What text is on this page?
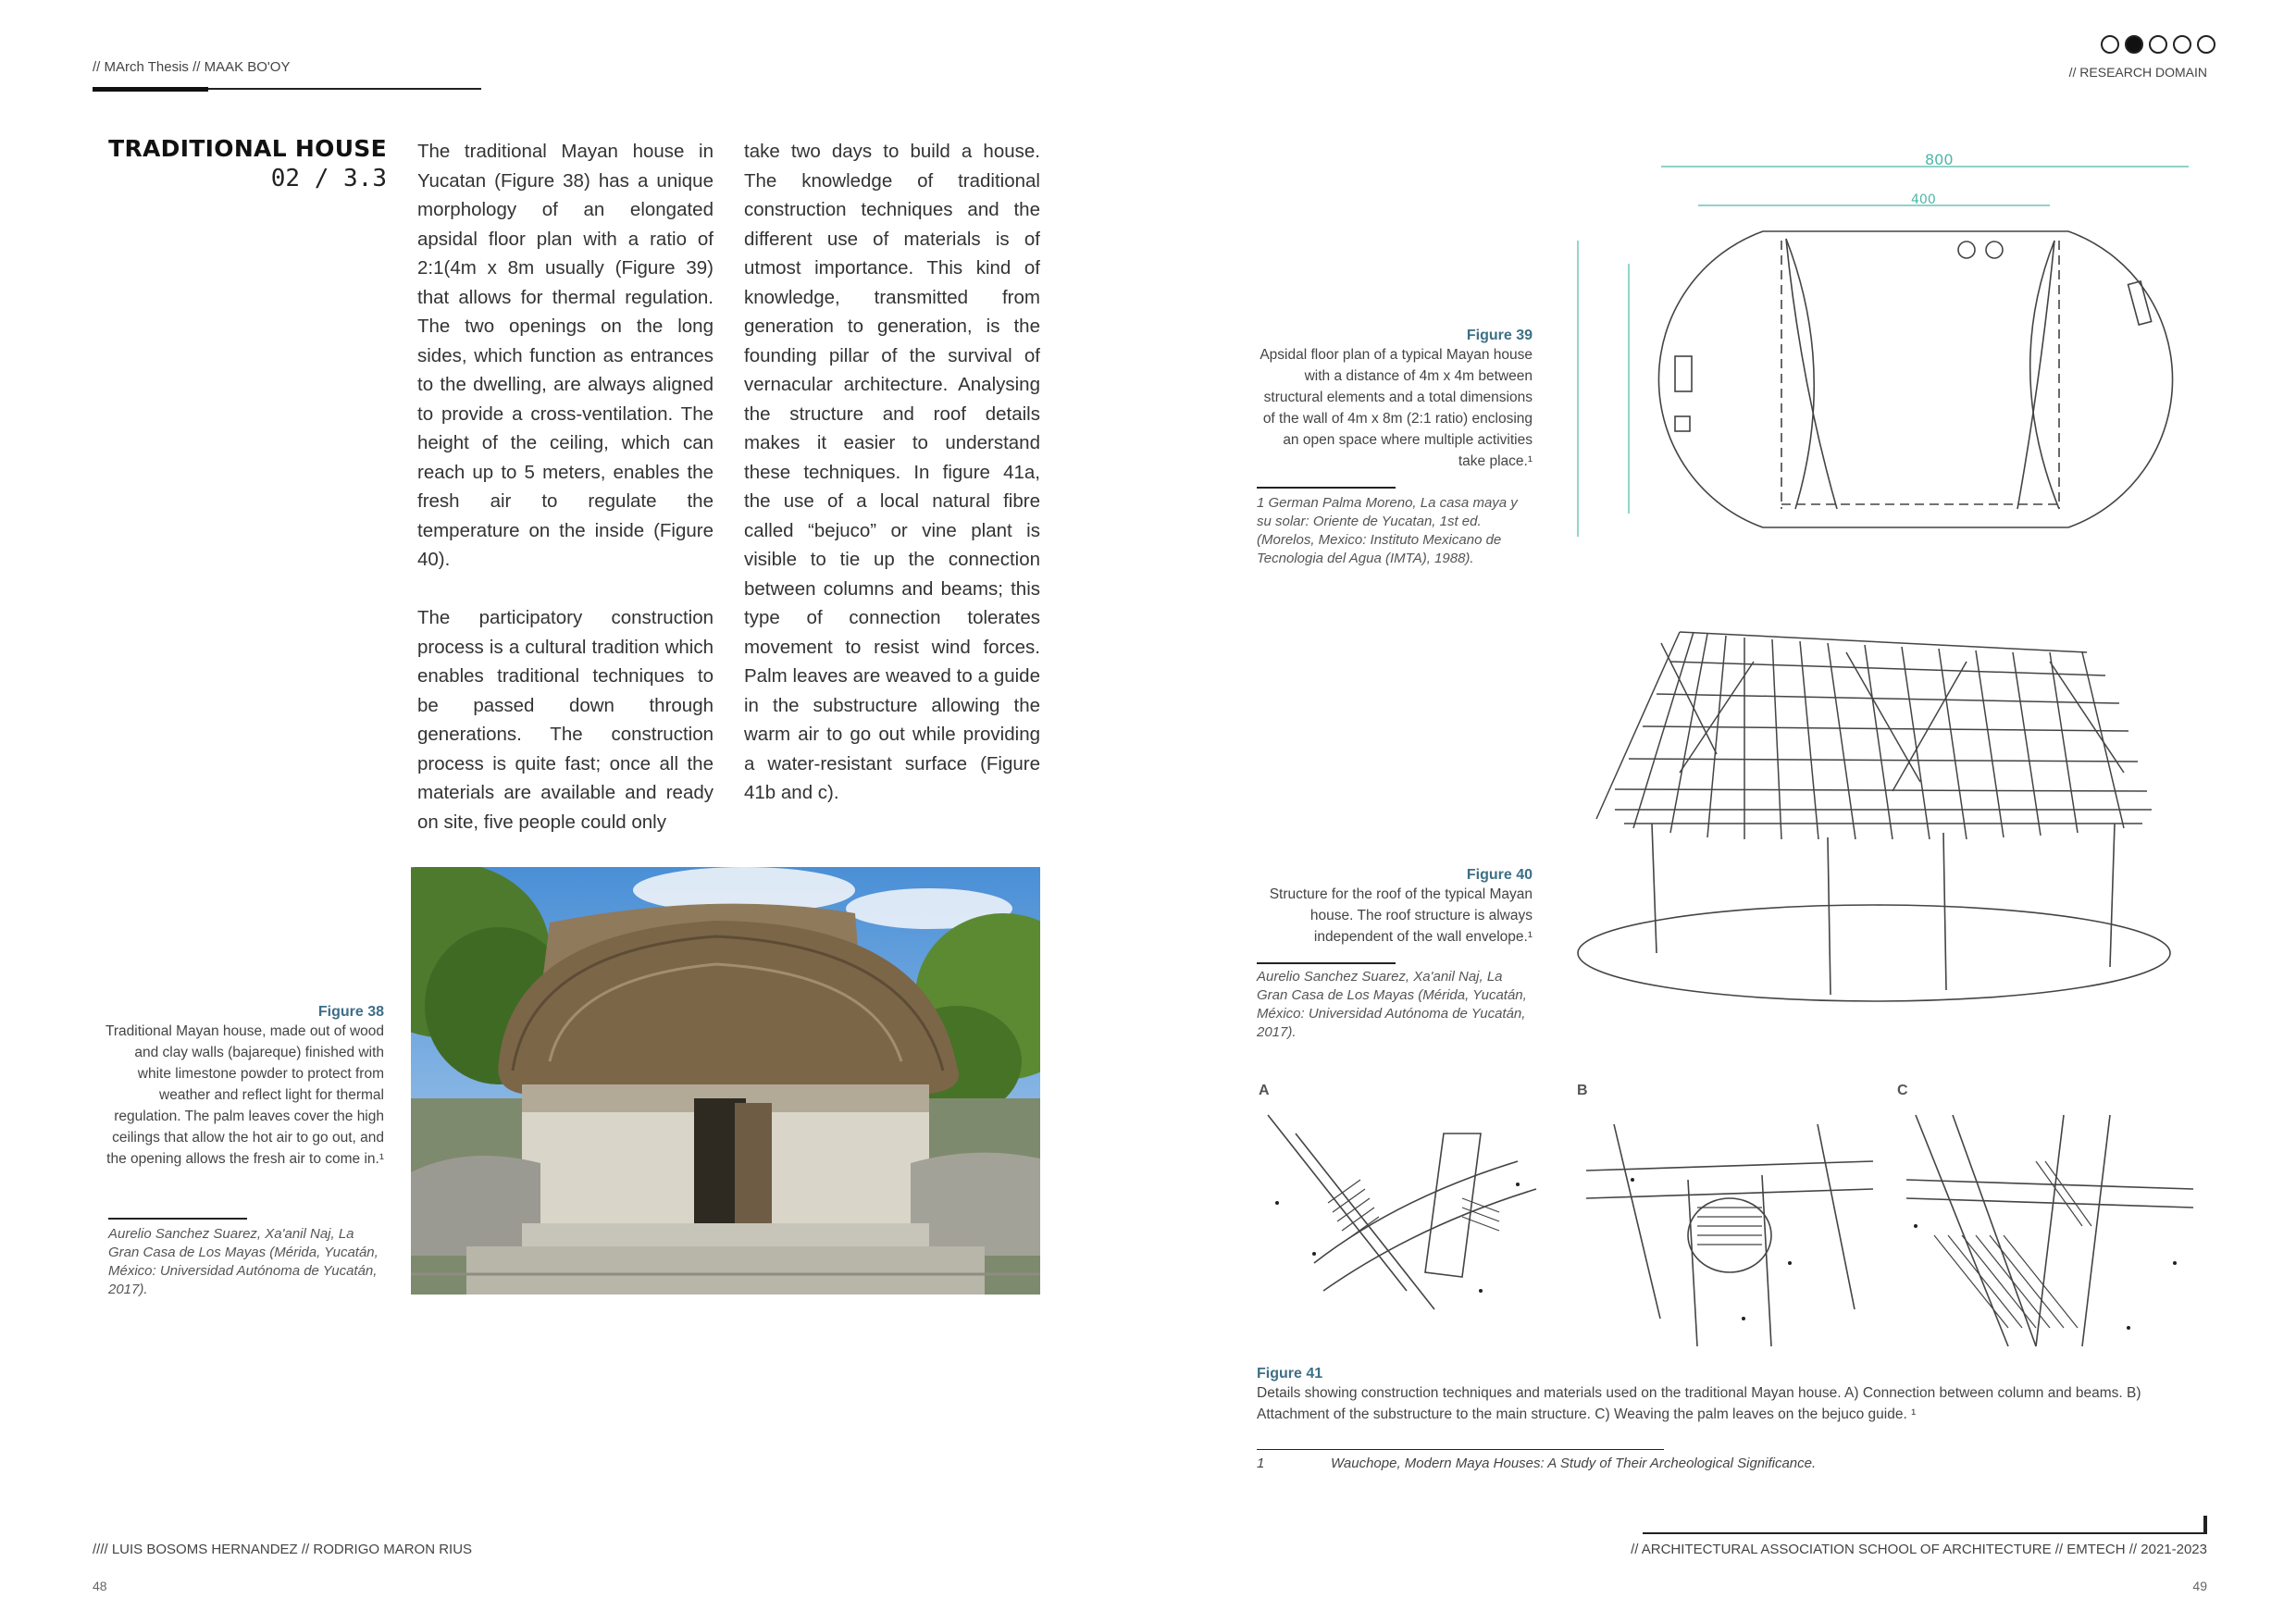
// MArch Thesis // MAAK BO'OY	// RESEARCH DOMAIN
TRADITIONAL HOUSE
02 / 3.3

The traditional Mayan house in Yucatan (Figure 38) has a unique morphology of an elongated apsidal floor plan with a ratio of 2:1(4m x 8m usually (Figure 39) that allows for thermal regulation. The two openings on the long sides, which function as entrances to the dwelling, are always aligned to provide a cross-ventilation. The height of the ceiling, which can reach up to 5 meters, enables the fresh air to regulate the temperature on the inside (Figure 40).

The participatory construction process is a cultural tradition which enables traditional techniques to be passed down through generations. The construction process is quite fast; once all the materials are available and ready on site, five people could only

take two days to build a house. The knowledge of traditional construction techniques and the different use of materials is of utmost importance. This kind of knowledge, transmitted from generation to generation, is the founding pillar of the survival of vernacular architecture. Analysing the structure and roof details makes it easier to understand these techniques. In figure 41a, the use of a local natural fibre called “bejuco” or vine plant is visible to tie up the connection between columns and beams; this type of connection tolerates movement to resist wind forces. Palm leaves are weaved to a guide in the substructure allowing the warm air to go out while providing a water-resistant surface (Figure 41b and c).

Figure 38
Traditional Mayan house, made out of wood and clay walls (bajareque) finished with white limestone powder to protect from weather and reflect light for thermal regulation. The palm leaves cover the high ceilings that allow the hot air to go out, and the opening allows the fresh air to come in.¹
Aurelio Sanchez Suarez, Xa'anil Naj, La Gran Casa de Los Mayas (Mérida, Yucatán, México: Universidad Autónoma de Yucatán, 2017).
800
400
Figure 39
Apsidal floor plan of a typical Mayan house with a distance of 4m x 4m between structural elements and a total dimensions of the wall of 4m x 8m (2:1 ratio) enclosing an open space where multiple activities take place.¹
1 German Palma Moreno, La casa maya y su solar: Oriente de Yucatan, 1st ed. (Morelos, Mexico: Instituto Mexicano de Tecnologia del Agua (IMTA), 1988).
Figure 40
Structure for the roof of the typical Mayan house. The roof structure is always independent of the wall envelope.¹
Aurelio Sanchez Suarez, Xa'anil Naj, La Gran Casa de Los Mayas (Mérida, Yucatán, México: Universidad Autónoma de Yucatán, 2017).
A	B	C
Figure 41
Details showing construction techniques and materials used on the traditional Mayan house. A) Connection between column and beams. B) Attachment of the substructure to the main structure. C) Weaving the palm leaves on the bejuco guide. ¹
1	Wauchope, Modern Maya Houses: A Study of Their Archeological Significance.
//// LUIS BOSOMS HERNANDEZ // RODRIGO MARON RIUS	// ARCHITECTURAL ASSOCIATION SCHOOL OF ARCHITECTURE // EMTECH // 2021-2023
48	49
